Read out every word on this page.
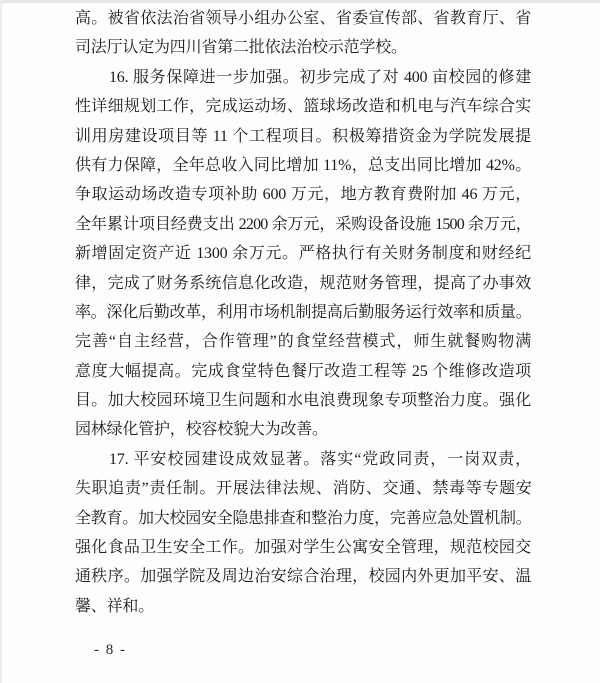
高。被省依法治省领导小组办公室、省委宣传部、省教育厅、省
司法厅认定为四川省第二批依法治校示范学校。
16. 服务保障进一步加强。初步完成了对 400 亩校园的修建
性详细规划工作，完成运动场、篮球场改造和机电与汽车综合实
训用房建设项目等 11 个工程项目。积极筹措资金为学院发展提
供有力保障，全年总收入同比增加 11%，总支出同比增加 42%。
争取运动场改造专项补助 600 万元，地方教育费附加 46 万元，
全年累计项目经费支出 2200 余万元，采购设备设施 1500 余万元，
新增固定资产近 1300 余万元。严格执行有关财务制度和财经纪
律，完成了财务系统信息化改造，规范财务管理，提高了办事效
率。深化后勤改革，利用市场机制提高后勤服务运行效率和质量。
完善“自主经营，合作管理”的食堂经营模式，师生就餐购物满
意度大幅提高。完成食堂特色餐厅改造工程等 25 个维修改造项
目。加大校园环境卫生问题和水电浪费现象专项整治力度。强化
园林绿化管护，校容校貌大为改善。
17. 平安校园建设成效显著。落实“党政同责，一岗双责，
失职追责”责任制。开展法律法规、消防、交通、禁毒等专题安
全教育。加大校园安全隐患排查和整治力度，完善应急处置机制。
强化食品卫生安全工作。加强对学生公寓安全管理，规范校园交
通秩序。加强学院及周边治安综合治理，校园内外更加平安、温
馨、祥和。
- 8 -
